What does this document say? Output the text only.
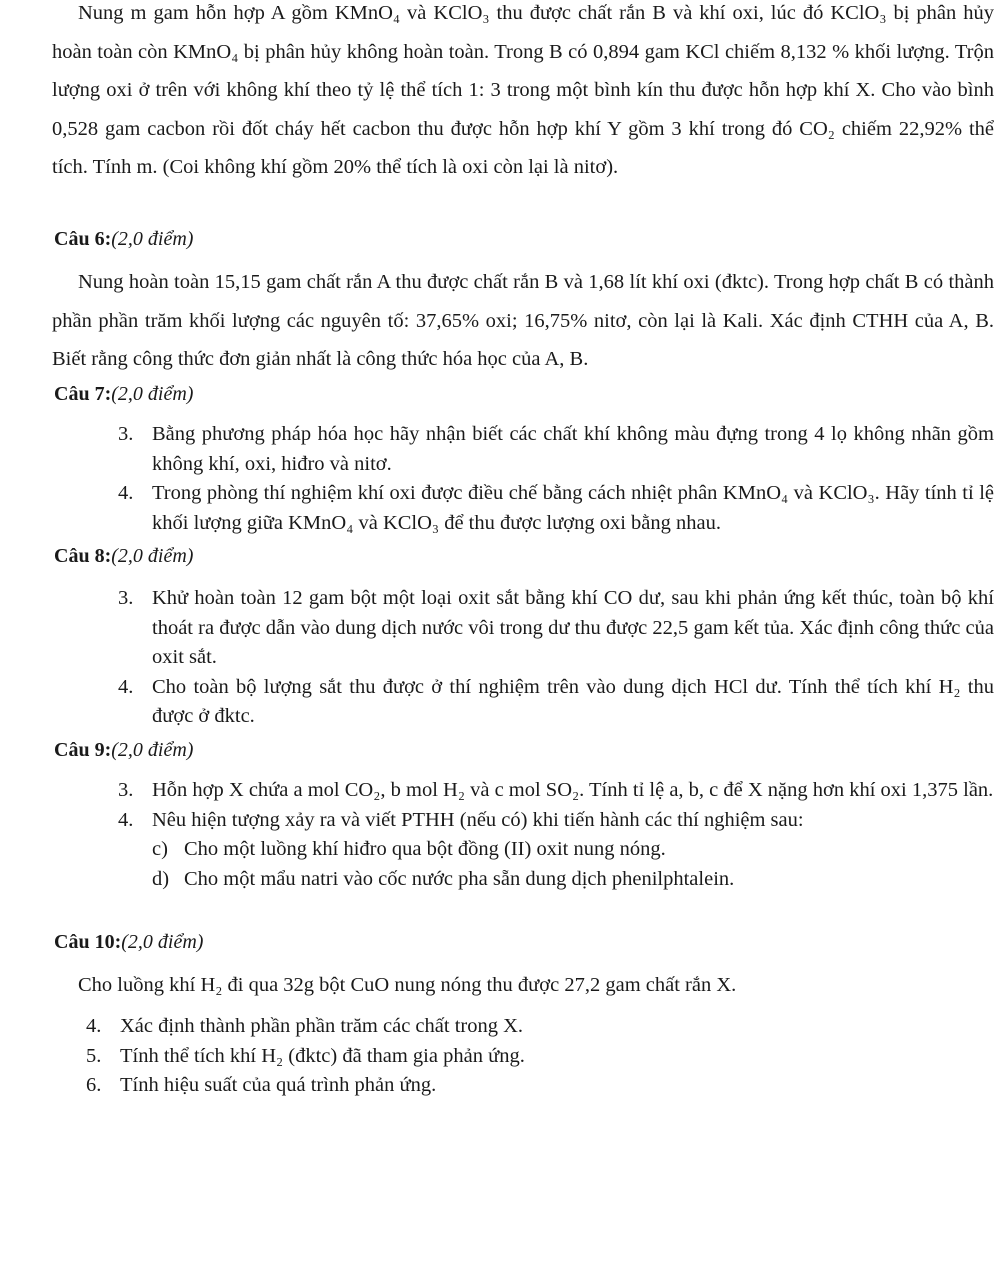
Nung m gam hỗn hợp A gồm KMnO₄ và KClO₃ thu được chất rắn B và khí oxi, lúc đó KClO₃ bị phân hủy hoàn toàn còn KMnO₄ bị phân hủy không hoàn toàn. Trong B có 0,894 gam KCl chiếm 8,132 % khối lượng. Trộn lượng oxi ở trên với không khí theo tỷ lệ thể tích 1: 3 trong một bình kín thu được hỗn hợp khí X. Cho vào bình 0,528 gam cacbon rồi đốt cháy hết cacbon thu được hỗn hợp khí Y gồm 3 khí trong đó CO₂ chiếm 22,92% thể tích. Tính m. (Coi không khí gồm 20% thể tích là oxi còn lại là nitơ).

Câu 6:(2,0 điểm)

Nung hoàn toàn 15,15 gam chất rắn A thu được chất rắn B và 1,68 lít khí oxi (đktc). Trong hợp chất B có thành phần phần trăm khối lượng các nguyên tố: 37,65% oxi; 16,75% nitơ, còn lại là Kali. Xác định CTHH của A, B. Biết rằng công thức đơn giản nhất là công thức hóa học của A, B.

Câu 7:(2,0 điểm)

3. Bằng phương pháp hóa học hãy nhận biết các chất khí không màu đựng trong 4 lọ không nhãn gồm không khí, oxi, hiđro và nitơ.
4. Trong phòng thí nghiệm khí oxi được điều chế bằng cách nhiệt phân KMnO₄ và KClO₃. Hãy tính tỉ lệ khối lượng giữa KMnO₄ và KClO₃ để thu được lượng oxi bằng nhau.

Câu 8:(2,0 điểm)

3. Khử hoàn toàn 12 gam bột một loại oxit sắt bằng khí CO dư, sau khi phản ứng kết thúc, toàn bộ khí thoát ra được dẫn vào dung dịch nước vôi trong dư thu được 22,5 gam kết tủa. Xác định công thức của oxit sắt.
4. Cho toàn bộ lượng sắt thu được ở thí nghiệm trên vào dung dịch HCl dư. Tính thể tích khí H₂ thu được ở đktc.

Câu 9:(2,0 điểm)

3. Hỗn hợp X chứa a mol CO₂, b mol H₂ và c mol SO₂. Tính tỉ lệ a, b, c để X nặng hơn khí oxi 1,375 lần.
4. Nêu hiện tượng xảy ra và viết PTHH (nếu có) khi tiến hành các thí nghiệm sau:
c) Cho một luồng khí hiđro qua bột đồng (II) oxit nung nóng.
d) Cho một mẩu natri vào cốc nước pha sẵn dung dịch phenilphtalein.

Câu 10:(2,0 điểm)

Cho luồng khí H₂ đi qua 32g bột CuO nung nóng thu được 27,2 gam chất rắn X.

4. Xác định thành phần phần trăm các chất trong X.
5. Tính thể tích khí H₂ (đktc) đã tham gia phản ứng.
6. Tính hiệu suất của quá trình phản ứng.
